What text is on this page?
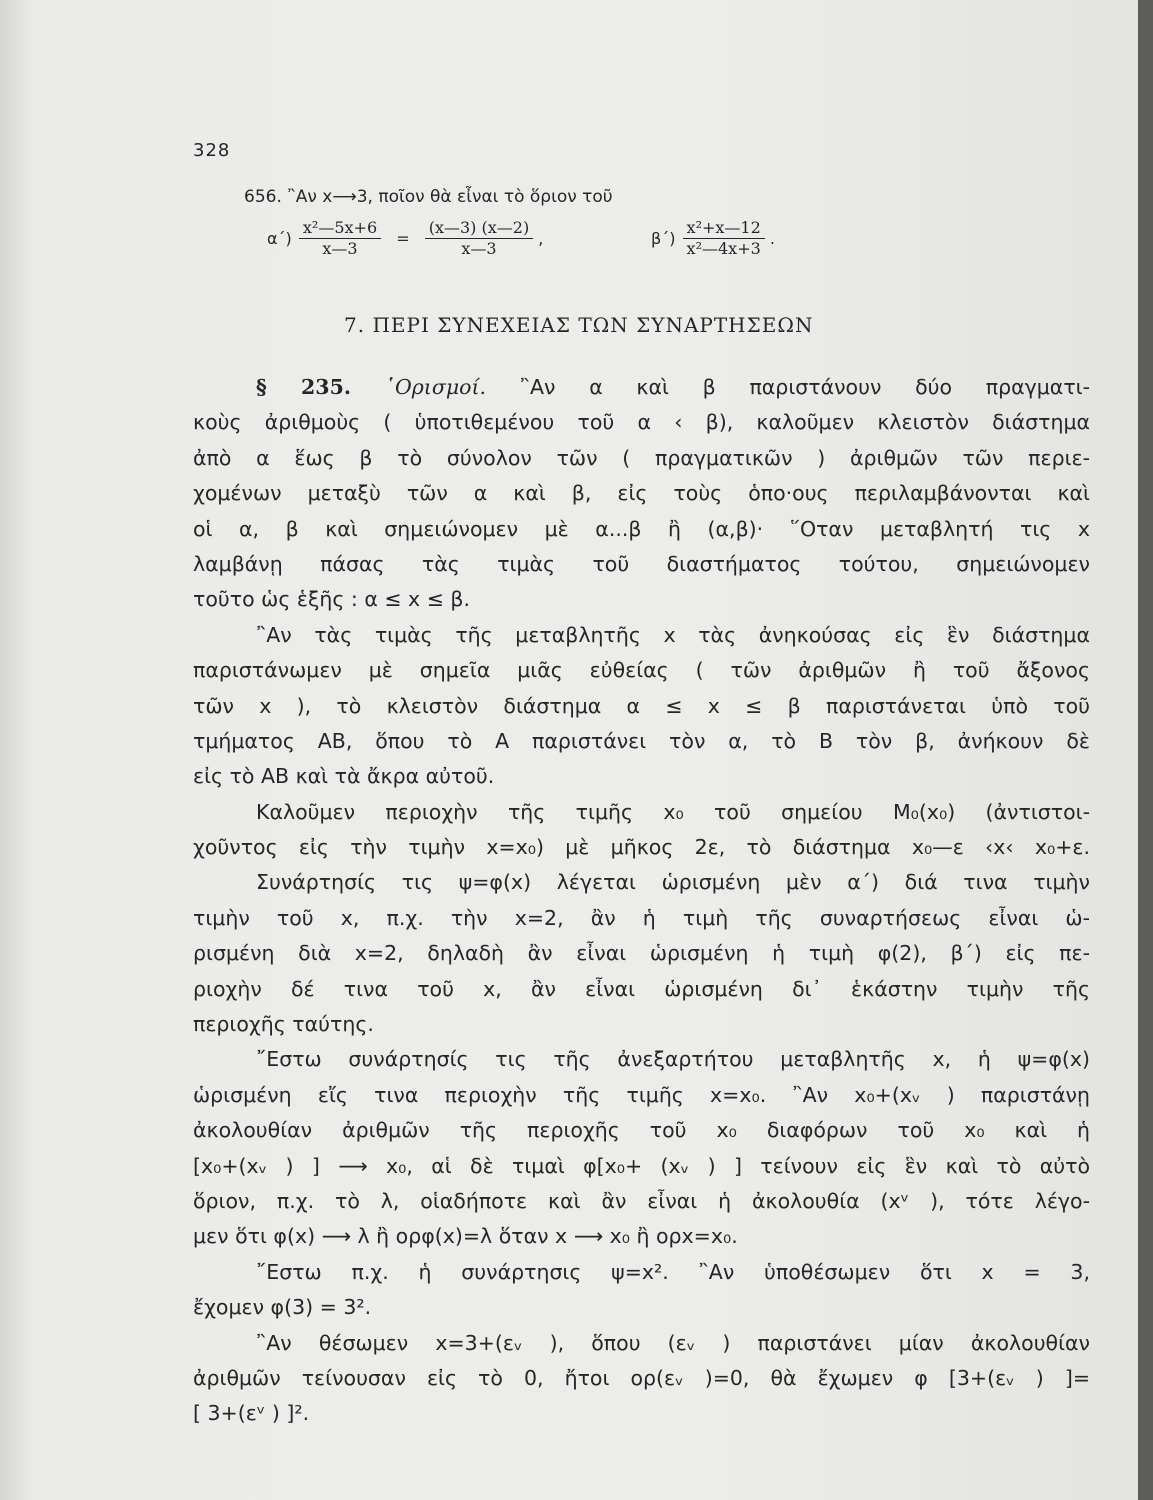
328
656. ῍Αν x⟶3, ποῖον θὰ εἶναι τὸ ὅριον τοῦ
$\alpha΄) \frac{\text{x²—5x+6}}{x—3} = \frac{(x—3) (x—2)}{x—3}$ ,	$\beta΄) \frac{\text{x²+x—12}}{\text{x²—4x+3}}$ .
7. ΠΕΡΙ ΣΥΝΕΧΕΙΑΣ ΤΩΝ ΣΥΝΑΡΤΗΣΕΩΝ
§ 235. ῾Ορισμοί. ῍Αν α καὶ β παριστάνουν δύο πραγματι-
κοὺς ἀριθμοὺς ( ὑποτιθεμένου τοῦ α ‹ β), καλοῦμεν κλειστὸν διάστημα
ἀπὸ α ἕως β τὸ σύνολον τῶν ( πραγματικῶν ) ἀριθμῶν τῶν περιε-
χομένων μεταξὺ τῶν α καὶ β, εἰς τοὺς ὁπο·ους περιλαμβάνονται καὶ
οἱ α, β καὶ σημειώνομεν μὲ α...β ἢ (α,β)· ῞Οταν μεταβλητή τις x
λαμβάνῃ πάσας τὰς τιμὰς τοῦ διαστήματος τούτου, σημειώνομεν
τοῦτο ὡς ἑξῆς : α ≤ x ≤ β.
῍Αν τὰς τιμὰς τῆς μεταβλητῆς x τὰς ἀνηκούσας εἰς ἓν διάστημα
παριστάνωμεν μὲ σημεῖα μιᾶς εὐθείας ( τῶν ἀριθμῶν ἢ τοῦ ἄξονος
τῶν x ), τὸ κλειστὸν διάστημα α ≤ x ≤ β παριστάνεται ὑπὸ τοῦ
τμήματος ΑΒ, ὅπου τὸ Α παριστάνει τὸν α, τὸ Β τὸν β, ἀνήκουν δὲ
εἰς τὸ ΑΒ καὶ τὰ ἄκρα αὐτοῦ.
Καλοῦμεν περιοχὴν τῆς τιμῆς x₀ τοῦ σημείου M₀(x₀) (ἀντιστοι-
χοῦντος εἰς τὴν τιμὴν x=x₀) μὲ μῆκος 2ε, τὸ διάστημα x₀—ε ‹x‹ x₀+ε.
Συνάρτησίς τις ψ=φ(x) λέγεται ὡρισμένη μὲν α΄) διά τινα τιμὴν
τιμὴν τοῦ x, π.χ. τὴν x=2, ἂν ἡ τιμὴ τῆς συναρτήσεως εἶναι ὡ-
ρισμένη διὰ x=2, δηλαδὴ ἂν εἶναι ὡρισμένη ἡ τιμὴ φ(2), β΄) εἰς πε-
ριοχὴν δέ τινα τοῦ x, ἂν εἶναι ὡρισμένη δι᾽ ἑκάστην τιμὴν τῆς
περιοχῆς ταύτης.
῎Εστω συνάρτησίς τις τῆς ἀνεξαρτήτου μεταβλητῆς x, ἡ ψ=φ(x)
ὡρισμένη εἴς τινα περιοχὴν τῆς τιμῆς x=x₀. ῍Αν x₀+(xᵥ ) παριστάνῃ
ἀκολουθίαν ἀριθμῶν τῆς περιοχῆς τοῦ x₀ διαφόρων τοῦ x₀ καὶ ἡ
[x₀+(xᵥ ) ] ⟶ x₀, αἱ δὲ τιμαὶ φ[x₀+ (xᵥ ) ] τείνουν εἰς ἓν καὶ τὸ αὐτὸ
ὅριον, π.χ. τὸ λ, οἱαδήποτε καὶ ἂν εἶναι ἡ ἀκολουθία (xᵛ ), τότε λέγο-
μεν ὅτι φ(x) ⟶ λ ἢ ορφ(x)=λ ὅταν x ⟶ x₀ ἢ ορx=x₀.
῎Εστω π.χ. ἡ συνάρτησις ψ=x². ῍Αν ὑποθέσωμεν ὅτι x = 3,
ἔχομεν φ(3) = 3².
῍Αν θέσωμεν x=3+(εᵥ ), ὅπου (εᵥ ) παριστάνει μίαν ἀκολουθίαν
ἀριθμῶν τείνουσαν εἰς τὸ 0, ἤτοι ορ(εᵥ )=0, θὰ ἔχωμεν φ [3+(εᵥ ) ]=
[ 3+(εᵛ ) ]².
